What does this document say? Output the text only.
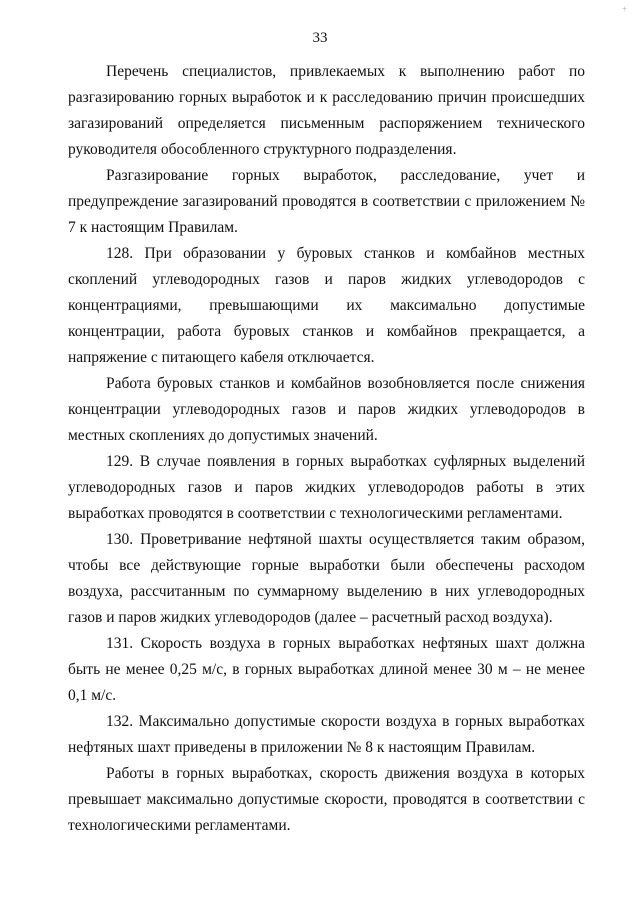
+
33

Перечень специалистов, привлекаемых к выполнению работ по разгазированию горных выработок и к расследованию причин происшедших загазирований определяется письменным распоряжением технического руководителя обособленного структурного подразделения.

Разгазирование горных выработок, расследование, учет и предупреждение загазирований проводятся в соответствии с приложением № 7 к настоящим Правилам.

128. При образовании у буровых станков и комбайнов местных скоплений углеводородных газов и паров жидких углеводородов с концентрациями, превышающими их максимально допустимые концентрации, работа буровых станков и комбайнов прекращается, а напряжение с питающего кабеля отключается.

Работа буровых станков и комбайнов возобновляется после снижения концентрации углеводородных газов и паров жидких углеводородов в местных скоплениях до допустимых значений.

129. В случае появления в горных выработках суфлярных выделений углеводородных газов и паров жидких углеводородов работы в этих выработках проводятся в соответствии с технологическими регламентами.

130. Проветривание нефтяной шахты осуществляется таким образом, чтобы все действующие горные выработки были обеспечены расходом воздуха, рассчитанным по суммарному выделению в них углеводородных газов и паров жидких углеводородов (далее – расчетный расход воздуха).

131. Скорость воздуха в горных выработках нефтяных шахт должна быть не менее 0,25 м/с, в горных выработках длиной менее 30 м – не менее 0,1 м/с.

132. Максимально допустимые скорости воздуха в горных выработках нефтяных шахт приведены в приложении № 8 к настоящим Правилам.

Работы в горных выработках, скорость движения воздуха в которых превышает максимально допустимые скорости, проводятся в соответствии с технологическими регламентами.
